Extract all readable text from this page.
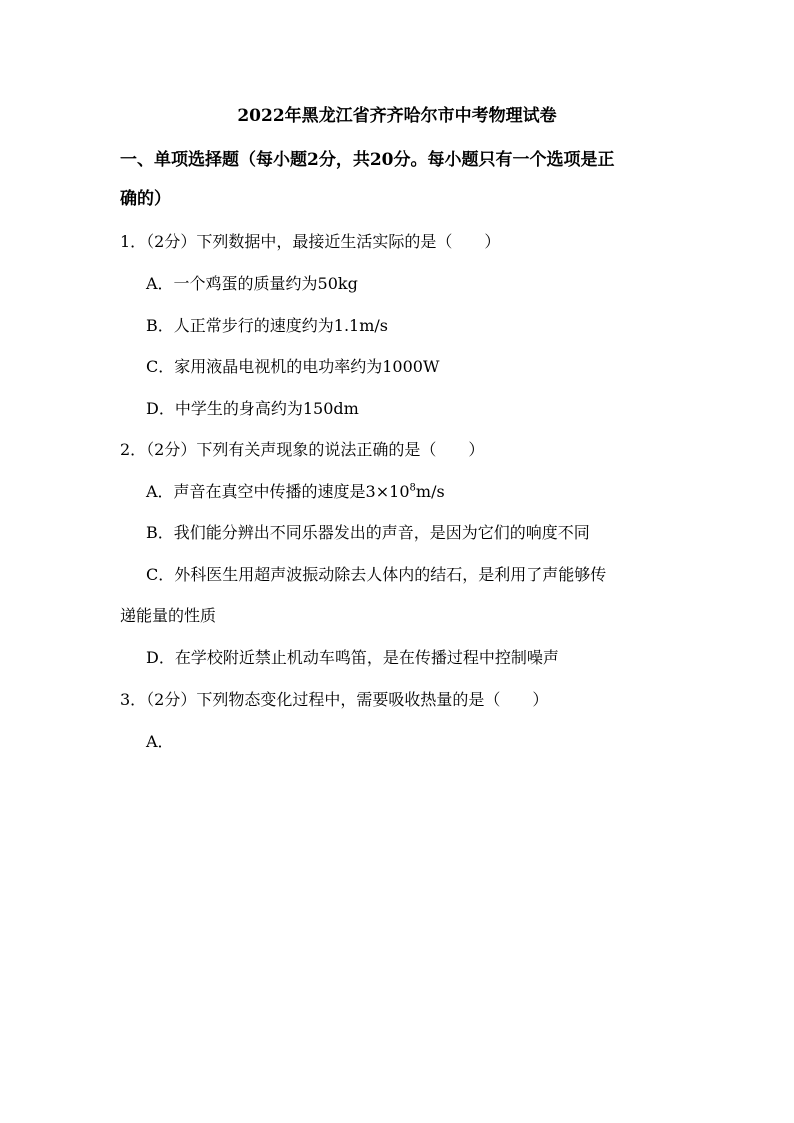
2022年黑龙江省齐齐哈尔市中考物理试卷
一、单项选择题（每小题2分，共20分。每小题只有一个选项是正
确的）
1．（2分）下列数据中，最接近生活实际的是（　　）
A．一个鸡蛋的质量约为50kg
B．人正常步行的速度约为1.1m/s
C．家用液晶电视机的电功率约为1000W
D．中学生的身高约为150dm
2．（2分）下列有关声现象的说法正确的是（　　）
A．声音在真空中传播的速度是$3\times 10^8m/s$
B．我们能分辨出不同乐器发出的声音，是因为它们的响度不同
C．外科医生用超声波振动除去人体内的结石，是利用了声能够传
递能量的性质
D．在学校附近禁止机动车鸣笛，是在传播过程中控制噪声
3．（2分）下列物态变化过程中，需要吸收热量的是（　　）
A．
